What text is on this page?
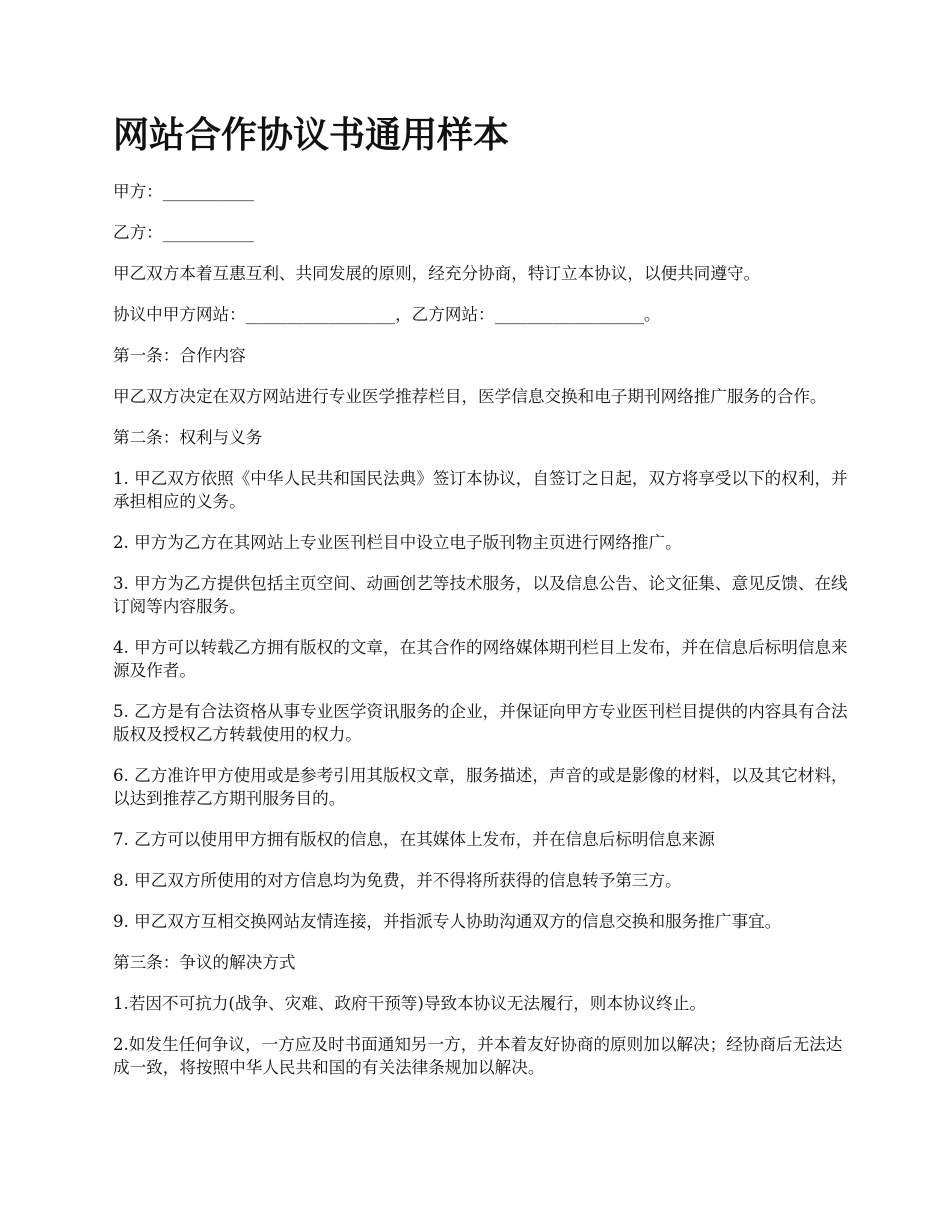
网站合作协议书通用样本

甲方：___________

乙方：___________

甲乙双方本着互惠互利、共同发展的原则，经充分协商，特订立本协议，以便共同遵守。

协议中甲方网站：__________________，乙方网站：__________________。

第一条：合作内容

甲乙双方决定在双方网站进行专业医学推荐栏目，医学信息交换和电子期刊网络推广服务的合作。

第二条：权利与义务

1. 甲乙双方依照《中华人民共和国民法典》签订本协议，自签订之日起，双方将享受以下的权利，并承担相应的义务。

2. 甲方为乙方在其网站上专业医刊栏目中设立电子版刊物主页进行网络推广。

3. 甲方为乙方提供包括主页空间、动画创艺等技术服务，以及信息公告、论文征集、意见反馈、在线订阅等内容服务。

4. 甲方可以转载乙方拥有版权的文章，在其合作的网络媒体期刊栏目上发布，并在信息后标明信息来源及作者。

5. 乙方是有合法资格从事专业医学资讯服务的企业，并保证向甲方专业医刊栏目提供的内容具有合法版权及授权乙方转载使用的权力。

6. 乙方准许甲方使用或是参考引用其版权文章，服务描述，声音的或是影像的材料，以及其它材料，以达到推荐乙方期刊服务目的。

7. 乙方可以使用甲方拥有版权的信息，在其媒体上发布，并在信息后标明信息来源

8. 甲乙双方所使用的对方信息均为免费，并不得将所获得的信息转予第三方。

9. 甲乙双方互相交换网站友情连接，并指派专人协助沟通双方的信息交换和服务推广事宜。

第三条：争议的解决方式

1.若因不可抗力(战争、灾难、政府干预等)导致本协议无法履行，则本协议终止。

2.如发生任何争议，一方应及时书面通知另一方，并本着友好协商的原则加以解决；经协商后无法达成一致，将按照中华人民共和国的有关法律条规加以解决。
